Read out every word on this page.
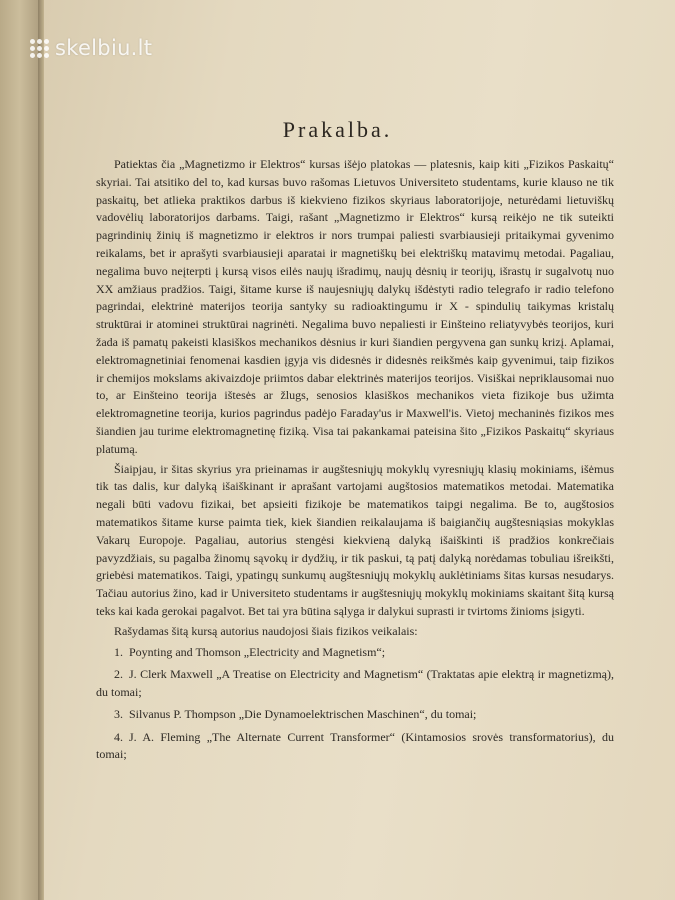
skelbiu.lt
Prakalba.

Patiektas čia „Magnetizmo ir Elektros“ kursas išėjo platokas — platesnis, kaip kiti „Fizikos Paskaitų“ skyriai. Tai atsitiko del to, kad kursas buvo rašomas Lietuvos Universiteto studentams, kurie klauso ne tik paskaitų, bet atlieka praktikos darbus iš kiekvieno fizikos skyriaus laboratorijoje, neturėdami lietuviškų vadovėlių laboratorijos darbams. Taigi, rašant „Magnetizmo ir Elektros“ kursą reikėjo ne tik suteikti pagrindinių žinių iš magnetizmo ir elektros ir nors trumpai paliesti svarbiausieji pritaikymai gyvenimo reikalams, bet ir aprašyti svarbiausieji aparatai ir magnetiškų bei elektriškų matavimų metodai. Pagaliau, negalima buvo neįterpti į kursą visos eilės naujų išradimų, naujų dėsnių ir teorijų, išrastų ir sugalvotų nuo XX amžiaus pradžios. Taigi, šitame kurse iš naujesniųjų dalykų išdėstyti radio telegrafo ir radio telefono pagrindai, elektrinė materijos teorija santyky su radioaktingumu ir X - spindulių taikymas kristalų struktūrai ir atominei struktūrai nagrinėti. Negalima buvo nepaliesti ir Einšteino reliatyvybės teorijos, kuri žada iš pamatų pakeisti klasiškos mechanikos dėsnius ir kuri šiandien pergyvena gan sunkų krizį. Aplamai, elektromagnetiniai fenomenai kasdien įgyja vis didesnės ir didesnės reikšmės kaip gyvenimui, taip fizikos ir chemijos mokslams akivaizdoje priimtos dabar elektrinės materijos teorijos. Visiškai nepriklausomai nuo to, ar Einšteino teorija ištesės ar žlugs, senosios klasiškos mechanikos vieta fizikoje bus užimta elektromagnetine teorija, kurios pagrindus padėjo Faraday'us ir Maxwell'is. Vietoj mechaninės fizikos mes šiandien jau turime elektromagnetinę fiziką. Visa tai pakankamai pateisina šito „Fizikos Paskaitų“ skyriaus platumą.

Šiaipjau, ir šitas skyrius yra prieinamas ir augštesniųjų mokyklų vyresniųjų klasių mokiniams, išėmus tik tas dalis, kur dalyką išaiškinant ir aprašant vartojami augštosios matematikos metodai. Matematika negali būti vadovu fizikai, bet apsieiti fizikoje be matematikos taipgi negalima. Be to, augštosios matematikos šitame kurse paimta tiek, kiek šiandien reikalaujama iš baigiančių augštesniąsias mokyklas Vakarų Europoje. Pagaliau, autorius stengėsi kiekvieną dalyką išaiškinti iš pradžios konkrečiais pavyzdžiais, su pagalba žinomų sąvokų ir dydžių, ir tik paskui, tą patį dalyką norėdamas tobuliau išreikšti, griebėsi matematikos. Taigi, ypatingų sunkumų augštesniųjų mokyklų auklėtiniams šitas kursas nesudarys. Tačiau autorius žino, kad ir Universiteto studentams ir augštesniųjų mokyklų mokiniams skaitant šitą kursą teks kai kada gerokai pagalvot. Bet tai yra būtina sąlyga ir dalykui suprasti ir tvirtoms žinioms įsigyti.

Rašydamas šitą kursą autorius naudojosi šiais fizikos veikalais:

1. Poynting and Thomson „Electricity and Magnetism“;
2. J. Clerk Maxwell „A Treatise on Electricity and Magnetism“ (Traktatas apie elektrą ir magnetizmą), du tomai;
3. Silvanus P. Thompson „Die Dynamoelektrischen Maschinen“, du tomai;
4. J. A. Fleming „The Alternate Current Transformer“ (Kintamosios srovės transformatorius), du tomai;
